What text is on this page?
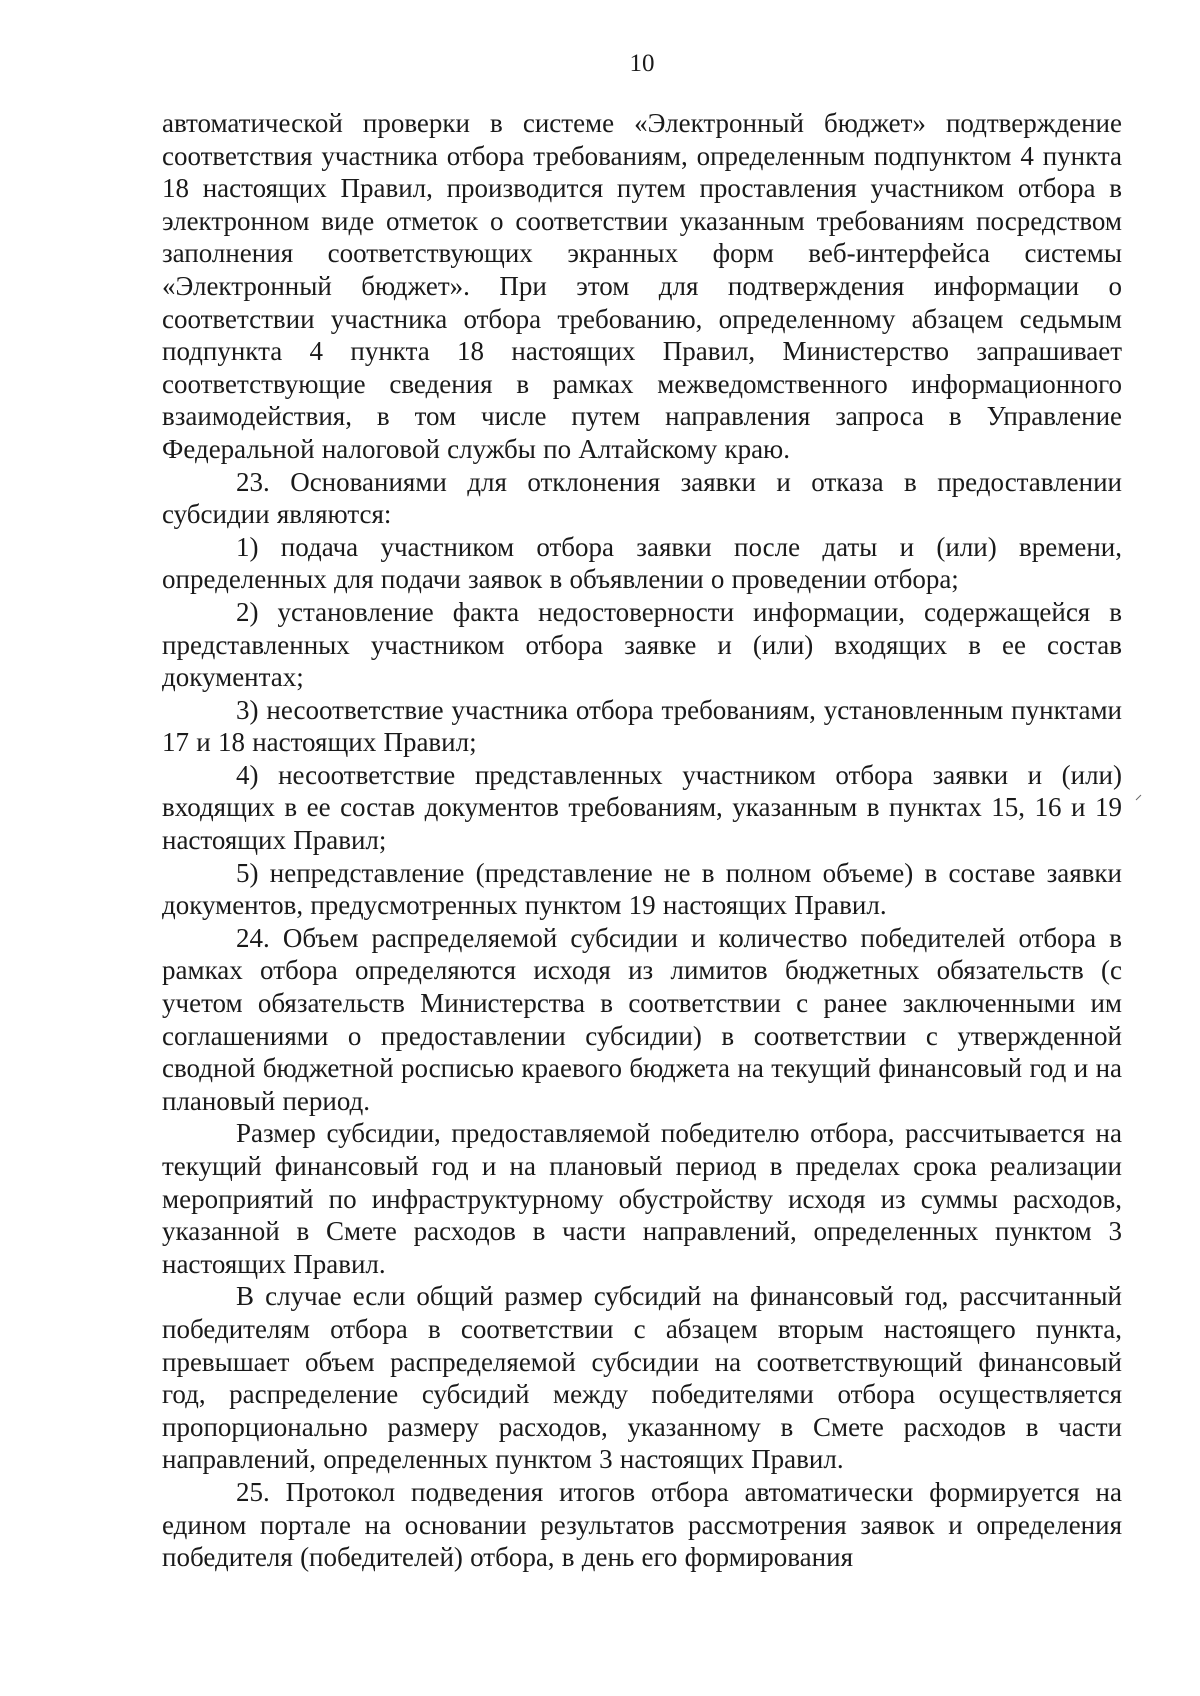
10

автоматической проверки в системе «Электронный бюджет» подтверждение соответствия участника отбора требованиям, определенным подпунктом 4 пункта 18 настоящих Правил, производится путем проставления участником отбора в электронном виде отметок о соответствии указанным требованиям посредством заполнения соответствующих экранных форм веб-интерфейса системы «Электронный бюджет». При этом для подтверждения информации о соответствии участника отбора требованию, определенному абзацем седьмым подпункта 4 пункта 18 настоящих Правил, Министерство запрашивает соответствующие сведения в рамках межведомственного информационного взаимодействия, в том числе путем направления запроса в Управление Федеральной налоговой службы по Алтайскому краю.

23. Основаниями для отклонения заявки и отказа в предоставлении субсидии являются:

1) подача участником отбора заявки после даты и (или) времени, определенных для подачи заявок в объявлении о проведении отбора;

2) установление факта недостоверности информации, содержащейся в представленных участником отбора заявке и (или) входящих в ее состав документах;

3) несоответствие участника отбора требованиям, установленным пунктами 17 и 18 настоящих Правил;

4) несоответствие представленных участником отбора заявки и (или) входящих в ее состав документов требованиям, указанным в пунктах 15, 16 и 19 настоящих Правил;

5) непредставление (представление не в полном объеме) в составе заявки документов, предусмотренных пунктом 19 настоящих Правил.

24. Объем распределяемой субсидии и количество победителей отбора в рамках отбора определяются исходя из лимитов бюджетных обязательств (с учетом обязательств Министерства в соответствии с ранее заключенными им соглашениями о предоставлении субсидии) в соответствии с утвержденной сводной бюджетной росписью краевого бюджета на текущий финансовый год и на плановый период.

Размер субсидии, предоставляемой победителю отбора, рассчитывается на текущий финансовый год и на плановый период в пределах срока реализации мероприятий по инфраструктурному обустройству исходя из суммы расходов, указанной в Смете расходов в части направлений, определенных пунктом 3 настоящих Правил.

В случае если общий размер субсидий на финансовый год, рассчитанный победителям отбора в соответствии с абзацем вторым настоящего пункта, превышает объем распределяемой субсидии на соответствующий финансовый год, распределение субсидий между победителями отбора осуществляется пропорционально размеру расходов, указанному в Смете расходов в части направлений, определенных пунктом 3 настоящих Правил.

25. Протокол подведения итогов отбора автоматически формируется на едином портале на основании результатов рассмотрения заявок и определения победителя (победителей) отбора, в день его формирования
